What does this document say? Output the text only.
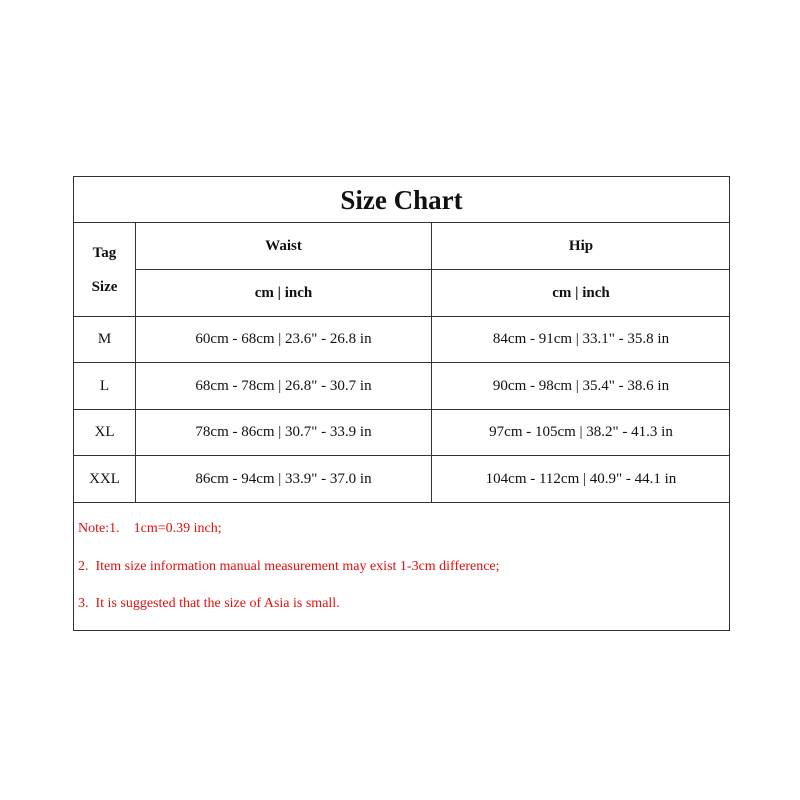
Size Chart
Tag
Size
Waist	Hip
cm | inch	cm | inch
M	60cm - 68cm | 23.6" - 26.8 in	84cm - 91cm | 33.1" - 35.8 in
L	68cm - 78cm | 26.8" - 30.7 in	90cm - 98cm | 35.4" - 38.6 in
XL	78cm - 86cm | 30.7" - 33.9 in	97cm - 105cm | 38.2" - 41.3 in
XXL	86cm - 94cm | 33.9" - 37.0 in	104cm - 112cm | 40.9" - 44.1 in
Note:1.    1cm=0.39 inch;
2.  Item size information manual measurement may exist 1-3cm difference;
3.  It is suggested that the size of Asia is small.
